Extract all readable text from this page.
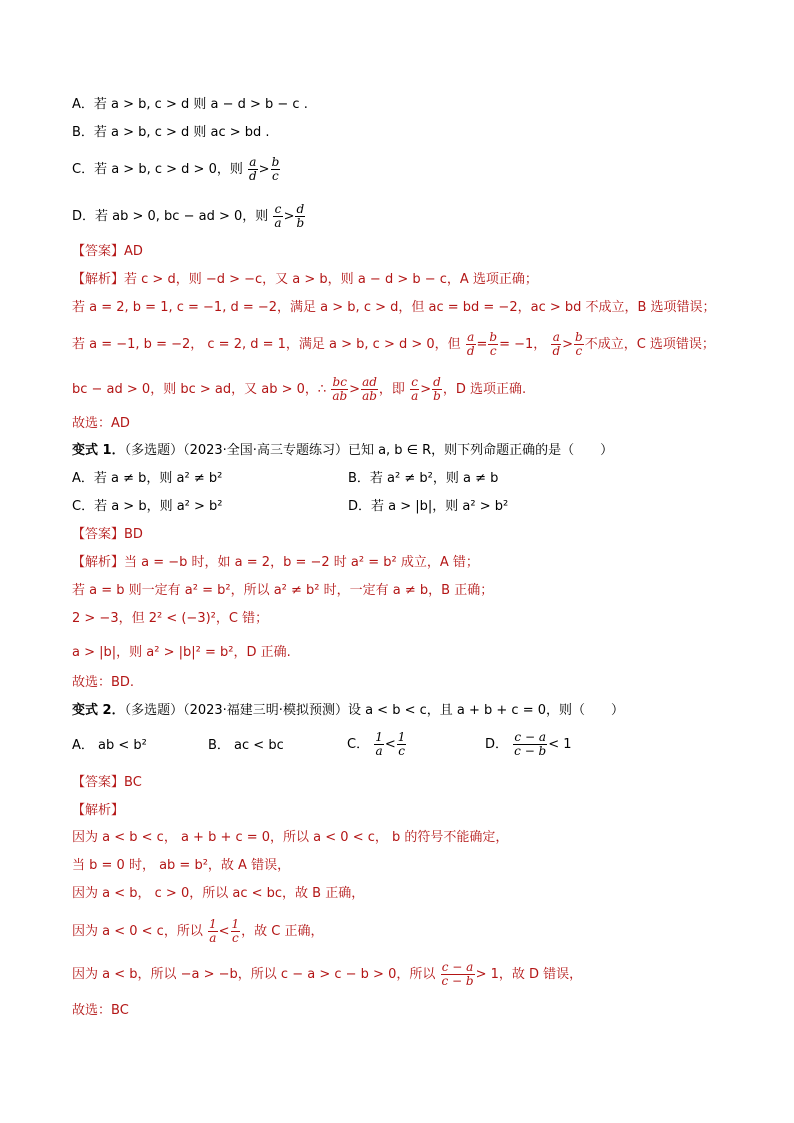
A．若 a > b, c > d 则 a − d > b − c .
B．若 a > b, c > d 则 ac > bd .
C．若 a > b, c > d > 0，则 $\frac{a}{d} > \frac{b}{c}$
D．若 ab > 0, bc − ad > 0，则 $\frac{c}{a} > \frac{d}{b}$
【答案】AD
【解析】若 c > d，则 −d > −c，又 a > b，则 a − d > b − c，A 选项正确；
若 a = 2, b = 1, c = −1, d = −2，满足 a > b, c > d，但 ac = bd = −2，ac > bd 不成立，B 选项错误；
若 a = −1, b = −2， c = 2, d = 1，满足 a > b, c > d > 0，但 $\frac{a}{d} = \frac{b}{c} = -1$， $\frac{a}{d} > \frac{b}{c}$ 不成立，C 选项错误；
bc − ad > 0，则 bc > ad，又 ab > 0，∴ $\frac{bc}{ab} > \frac{ad}{ab}$ ，即 $\frac{c}{a} > \frac{d}{b}$ ，D 选项正确.
故选：AD
变式 1．（多选题）（2023·全国·高三专题练习）已知 a, b ∈ R，则下列命题正确的是（　　）
A．若 a ≠ b，则 a² ≠ b²	B．若 a² ≠ b²，则 a ≠ b
C．若 a > b，则 a² > b²	D．若 a > |b|，则 a² > b²
【答案】BD
【解析】当 a = −b 时，如 a = 2，b = −2 时 a² = b² 成立，A 错；
若 a = b 则一定有 a² = b²，所以 a² ≠ b² 时，一定有 a ≠ b，B 正确；
2 > −3，但 2² < (−3)²，C 错；
a > |b|，则 a² > |b|² = b²，D 正确.
故选：BD.
变式 2．（多选题）（2023·福建三明·模拟预测）设 a < b < c，且 a + b + c = 0，则（　　）
A． ab < b²	B． ac < bc	C． $\frac{1}{a} < \frac{1}{c}$	D． $\frac{c - a}{c - b} < 1$
【答案】BC
【解析】
因为 a < b < c， a + b + c = 0，所以 a < 0 < c， b 的符号不能确定，
当 b = 0 时， ab = b²，故 A 错误，
因为 a < b， c > 0，所以 ac < bc，故 B 正确，
因为 a < 0 < c，所以 $\frac{1}{a} < \frac{1}{c}$ ，故 C 正确，
因为 a < b，所以 −a > −b，所以 c − a > c − b > 0，所以 $\frac{c - a}{c - b} > 1$，故 D 错误，
故选：BC
